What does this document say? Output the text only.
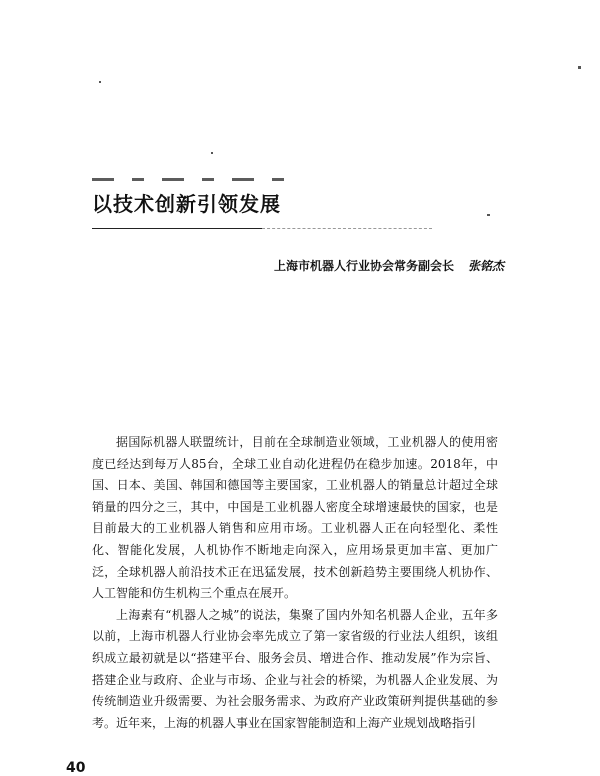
以技术创新引领发展
上海市机器人行业协会常务副会长 张铭杰

据国际机器人联盟统计，目前在全球制造业领域，工业机器人的使用密度已经达到每万人85台，全球工业自动化进程仍在稳步加速。2018年，中国、日本、美国、韩国和德国等主要国家，工业机器人的销量总计超过全球销量的四分之三，其中，中国是工业机器人密度全球增速最快的国家，也是目前最大的工业机器人销售和应用市场。工业机器人正在向轻型化、柔性化、智能化发展，人机协作不断地走向深入，应用场景更加丰富、更加广泛，全球机器人前沿技术正在迅猛发展，技术创新趋势主要围绕人机协作、人工智能和仿生机构三个重点在展开。

上海素有“机器人之城”的说法，集聚了国内外知名机器人企业，五年多以前，上海市机器人行业协会率先成立了第一家省级的行业法人组织，该组织成立最初就是以“搭建平台、服务会员、增进合作、推动发展”作为宗旨、搭建企业与政府、企业与市场、企业与社会的桥梁，为机器人企业发展、为传统制造业升级需要、为社会服务需求、为政府产业政策研判提供基础的参考。近年来，上海的机器人事业在国家智能制造和上海产业规划战略指引

40
